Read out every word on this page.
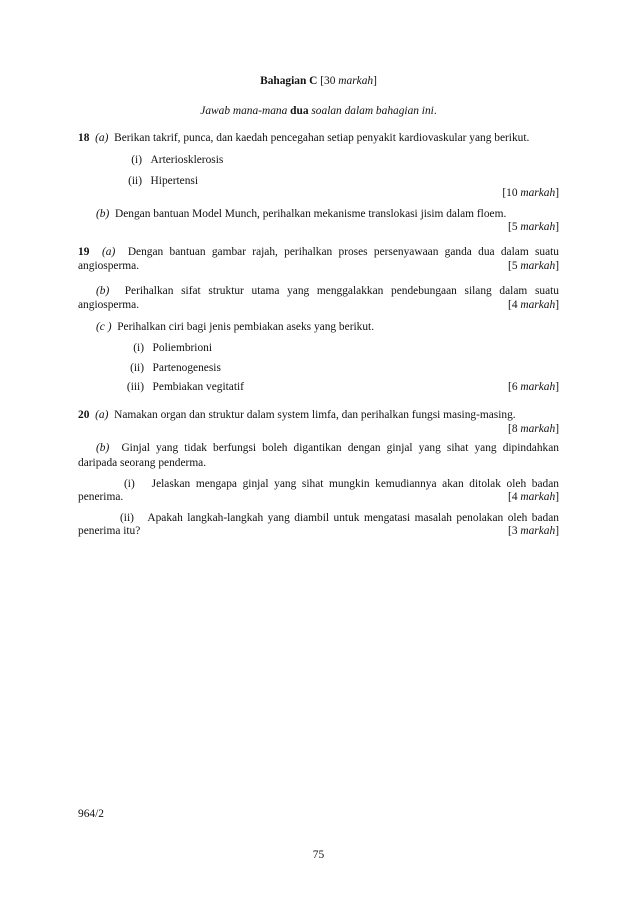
Bahagian C [30 markah]
Jawab mana-mana dua soalan dalam bahagian ini.
18 (a) Berikan takrif, punca, dan kaedah pencegahan setiap penyakit kardiovaskular yang berikut.
(i) Arteriosklerosis
(ii) Hipertensi
[10 markah]
(b) Dengan bantuan Model Munch, perihalkan mekanisme translokasi jisim dalam floem.
[5 markah]
19 (a) Dengan bantuan gambar rajah, perihalkan proses persenyawaan ganda dua dalam suatu
angiosperma.	[5 markah]
(b) Perihalkan sifat struktur utama yang menggalakkan pendebungaan silang dalam suatu
angiosperma.	[4 markah]
(c ) Perihalkan ciri bagi jenis pembiakan aseks yang berikut.
(i) Poliembrioni
(ii) Partenogenesis
(iii) Pembiakan vegitatif	[6 markah]
20 (a) Namakan organ dan struktur dalam system limfa, dan perihalkan fungsi masing-masing.
[8 markah]
(b) Ginjal yang tidak berfungsi boleh digantikan dengan ginjal yang sihat yang dipindahkan
daripada seorang penderma.
(i) Jelaskan mengapa ginjal yang sihat mungkin kemudiannya akan ditolak oleh badan
penerima.	[4 markah]
(ii) Apakah langkah-langkah yang diambil untuk mengatasi masalah penolakan oleh badan
penerima itu?	[3 markah]
964/2
75
